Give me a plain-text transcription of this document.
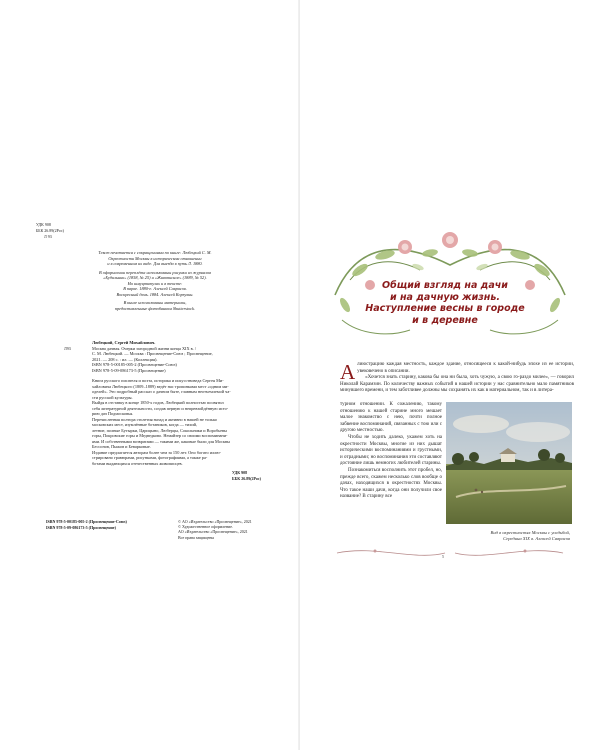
УДК 908
ББК 26.89(2Рос)
Л 93
Текст печатается с сокращениями по книге: Любецкий С. М.
Окрестности Москвы в историческом отношении
и в современном их виде. Для выезда в путь Л. 1880.
В оформлении переплёта использованы рисунки из журналов
«Будильник» (1858, № 25) и «Живописное» (1889, № 52).
На шмуцтитулах и в тексте:
В парке. 1880-е. Алексей Саврасов.
Воскресный день. 1884. Алексей Корзухин.
В книге использованы материалы,
предоставленные фотобанком Shutterstock.
Л93
Любецкий, Сергей Михайлович.
Москва дачная. Очерки загородной жизни конца XIX в. /
С. М. Любецкий. — Москва : Просвещение-Союз ; Просвещение,
2021. — 208 с. : ил. — (Коллекция).
ISBN 978-5-00185-005-2 (Просвещение-Союз)
ISBN 978-5-09-086173-5 (Просвещение)
Книга русского писателя и поэта, историка и искусствоведа Сергея Ми-
хайловича Любецкого (1809–1889) ведёт нас тропинками мест «одним ми-
оделей». Это подробный рассказ о дачном быте, главным неотъемлемой ча-
сти русской культуры.
Выйдя в отставку в конце 1850-х годов, Любецкий полностью посвятил
себя литературной деятельности, создав первую и непревзойдённую исто-
рию дач Подмосковья.
Перечисленная полтора столетия назад и активно в нашей не только
московских мест, изумлённые ботаников, когда — тихий,
летние, полные Бутырки, Царицыно, Люберцы, Сокольники и Воробьевы
горы, Покровские горы и Медведково. Немайзер со своими воспоминани-
ями. И собственными возвратами — такими же, каковые были для Москвы
Бессонов, Пыжов и Беварковые.
Издание предлагается авторам более чем за 150 лет. Оно богато иллю-
стрировано гравюрами, рисунками, фотографиями, а также ра-
ботами выдающихся отечественных живописцев.
УДК 908
ББК 26.89(2Рос)
ISBN 978-5-00185-005-2 (Просвещение-Союз)
ISBN 978-5-09-086173-5 (Просвещение)
© АО «Издательство «Просвещение», 2021
© Художественное оформление.
АО «Издательство «Просвещение», 2021
Все права защищены
Общий взгляд на дачи
и на дачную жизнь.
Наступление весны в городе
и в деревне
А лиюстрацию каждая местность, каждое здание, относящееся к какой-нибудь эпохе из ее истории, увековечено в описании.

«Хочется знать старину, какова бы она ни была, хоть чужую, а свою го-раздо милее», — говорил Николай Карамзин. По количеству важных событий в нашей истории у нас сравнительно мало памятников минувшего времени, и тем заботливее должны мы сохранять их как в материальном, так и в литера-

турном отношении. К сожалению, такому отношению к нашей старине много мешает малое знакомство с нею, почти полное забвение воспоминаний, связанных с тою или с другою местностью.

Чтобы не ходить далеко, укажем хоть на окрестности Москвы, многие из них дышат историческими воспоминаниями и грустными, и отрадными; но воспоминания эти составляют достояние лишь немногих любителей старины.

Познакомиться восполнить этот пробел, но, прежде всего, скажем несколько слов вообще о дачах, находящихся в окрестностях Москвы. Что такое наши дачи, когда они получили свое название? В старину все

Вид в окрестностях Москвы с усадьбой,
Середина XIX в. Алексей Саврасов
5
